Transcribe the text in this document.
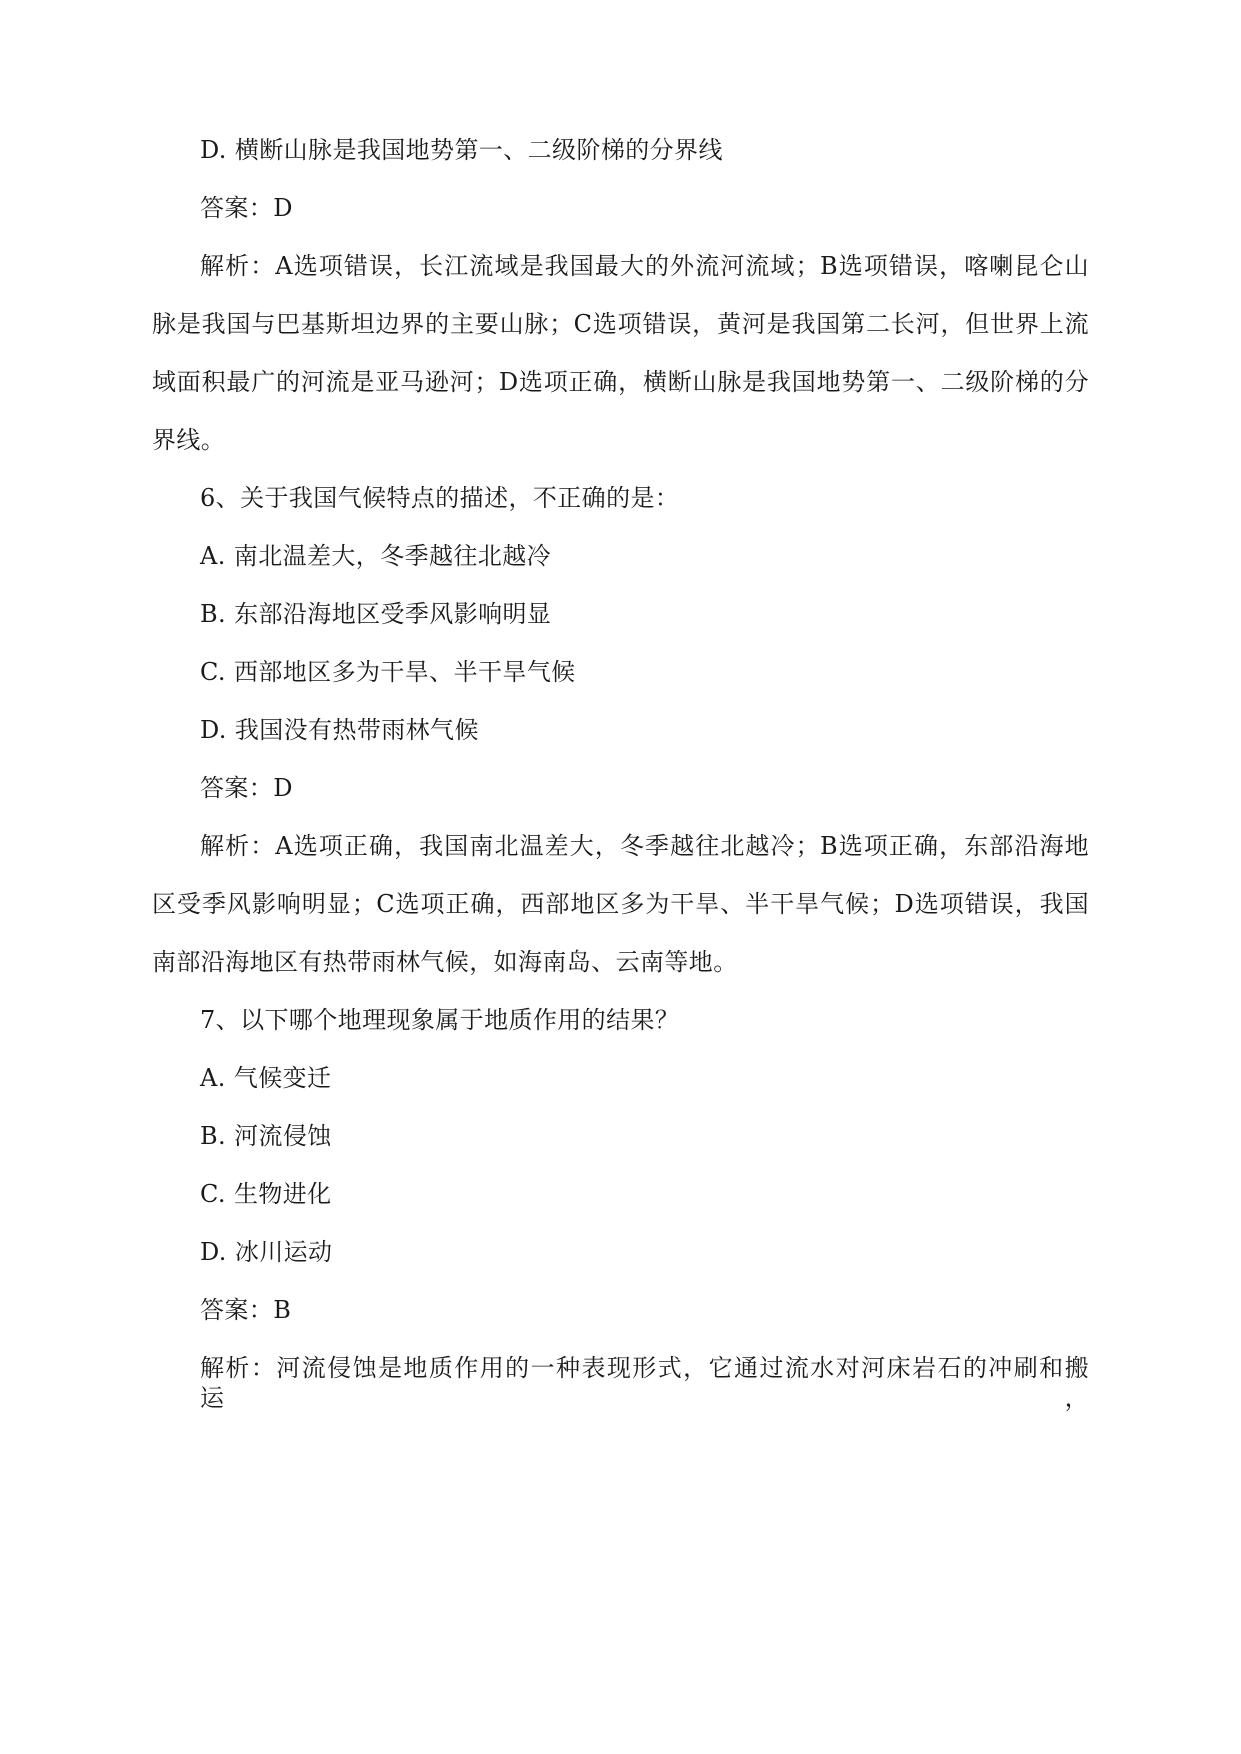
D. 横断山脉是我国地势第一、二级阶梯的分界线
答案：D
解析：A选项错误，长江流域是我国最大的外流河流域；B选项错误，喀喇昆仑山
脉是我国与巴基斯坦边界的主要山脉；C选项错误，黄河是我国第二长河，但世界上流
域面积最广的河流是亚马逊河；D选项正确，横断山脉是我国地势第一、二级阶梯的分
界线。
6、关于我国气候特点的描述，不正确的是：
A. 南北温差大，冬季越往北越冷
B. 东部沿海地区受季风影响明显
C. 西部地区多为干旱、半干旱气候
D. 我国没有热带雨林气候
答案：D
解析：A选项正确，我国南北温差大，冬季越往北越冷；B选项正确，东部沿海地
区受季风影响明显；C选项正确，西部地区多为干旱、半干旱气候；D选项错误，我国
南部沿海地区有热带雨林气候，如海南岛、云南等地。
7、以下哪个地理现象属于地质作用的结果？
A. 气候变迁
B. 河流侵蚀
C. 生物进化
D. 冰川运动
答案：B
解析：河流侵蚀是地质作用的一种表现形式，它通过流水对河床岩石的冲刷和搬运，
